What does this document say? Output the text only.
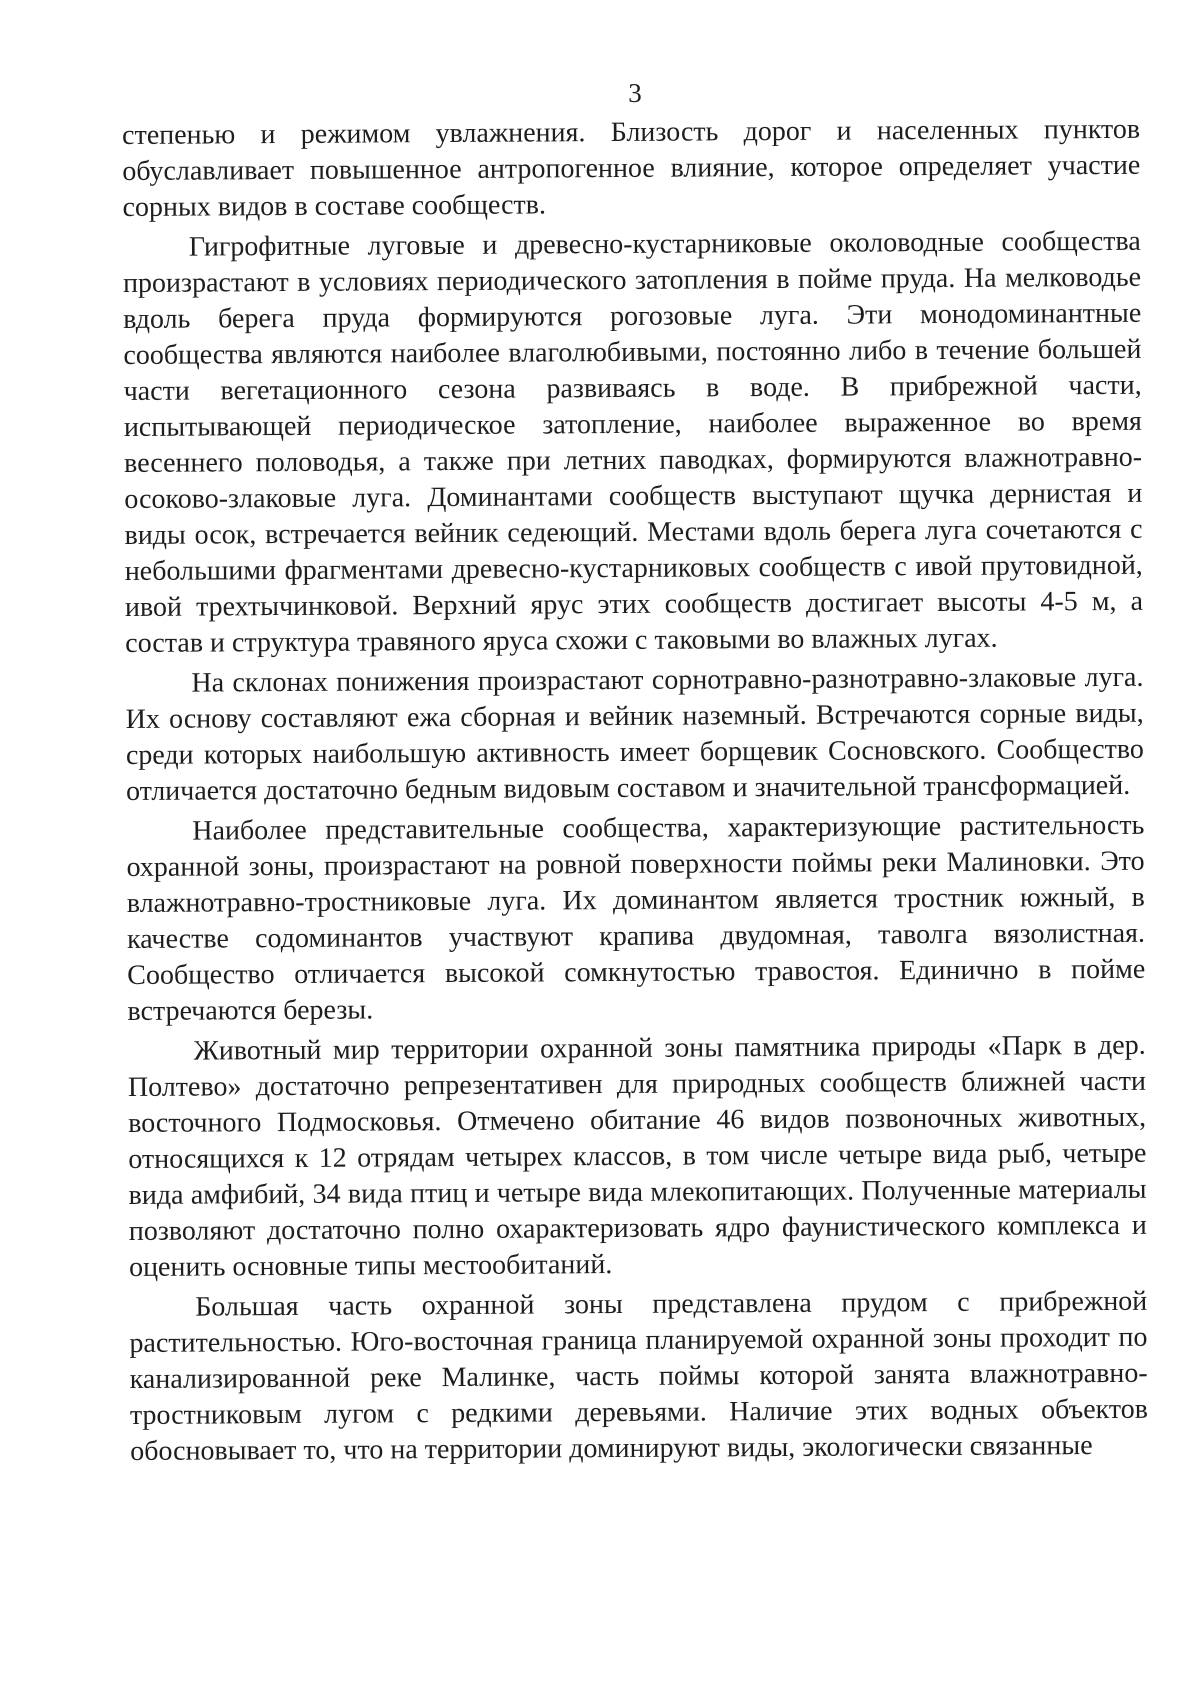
3

степенью и режимом увлажнения. Близость дорог и населенных пунктов обуславливает повышенное антропогенное влияние, которое определяет участие сорных видов в составе сообществ.

Гигрофитные луговые и древесно-кустарниковые околоводные сообщества произрастают в условиях периодического затопления в пойме пруда. На мелководье вдоль берега пруда формируются рогозовые луга. Эти монодоминантные сообщества являются наиболее влаголюбивыми, постоянно либо в течение большей части вегетационного сезона развиваясь в воде. В прибрежной части, испытывающей периодическое затопление, наиболее выраженное во время весеннего половодья, а также при летних паводках, формируются влажнотравно-осоково-злаковые луга. Доминантами сообществ выступают щучка дернистая и виды осок, встречается вейник седеющий. Местами вдоль берега луга сочетаются с небольшими фрагментами древесно-кустарниковых сообществ с ивой прутовидной, ивой трехтычинковой. Верхний ярус этих сообществ достигает высоты 4-5 м, а состав и структура травяного яруса схожи с таковыми во влажных лугах.

На склонах понижения произрастают сорнотравно-разнотравно-злаковые луга. Их основу составляют ежа сборная и вейник наземный. Встречаются сорные виды, среди которых наибольшую активность имеет борщевик Сосновского. Сообщество отличается достаточно бедным видовым составом и значительной трансформацией.

Наиболее представительные сообщества, характеризующие растительность охранной зоны, произрастают на ровной поверхности поймы реки Малиновки. Это влажнотравно-тростниковые луга. Их доминантом является тростник южный, в качестве содоминантов участвуют крапива двудомная, таволга вязолистная. Сообщество отличается высокой сомкнутостью травостоя. Единично в пойме встречаются березы.

Животный мир территории охранной зоны памятника природы «Парк в дер. Полтево» достаточно репрезентативен для природных сообществ ближней части восточного Подмосковья. Отмечено обитание 46 видов позвоночных животных, относящихся к 12 отрядам четырех классов, в том числе четыре вида рыб, четыре вида амфибий, 34 вида птиц и четыре вида млекопитающих. Полученные материалы позволяют достаточно полно охарактеризовать ядро фаунистического комплекса и оценить основные типы местообитаний.

Большая часть охранной зоны представлена прудом с прибрежной растительностью. Юго-восточная граница планируемой охранной зоны проходит по канализированной реке Малинке, часть поймы которой занята влажнотравно-тростниковым лугом с редкими деревьями. Наличие этих водных объектов обосновывает то, что на территории доминируют виды, экологически связанные
